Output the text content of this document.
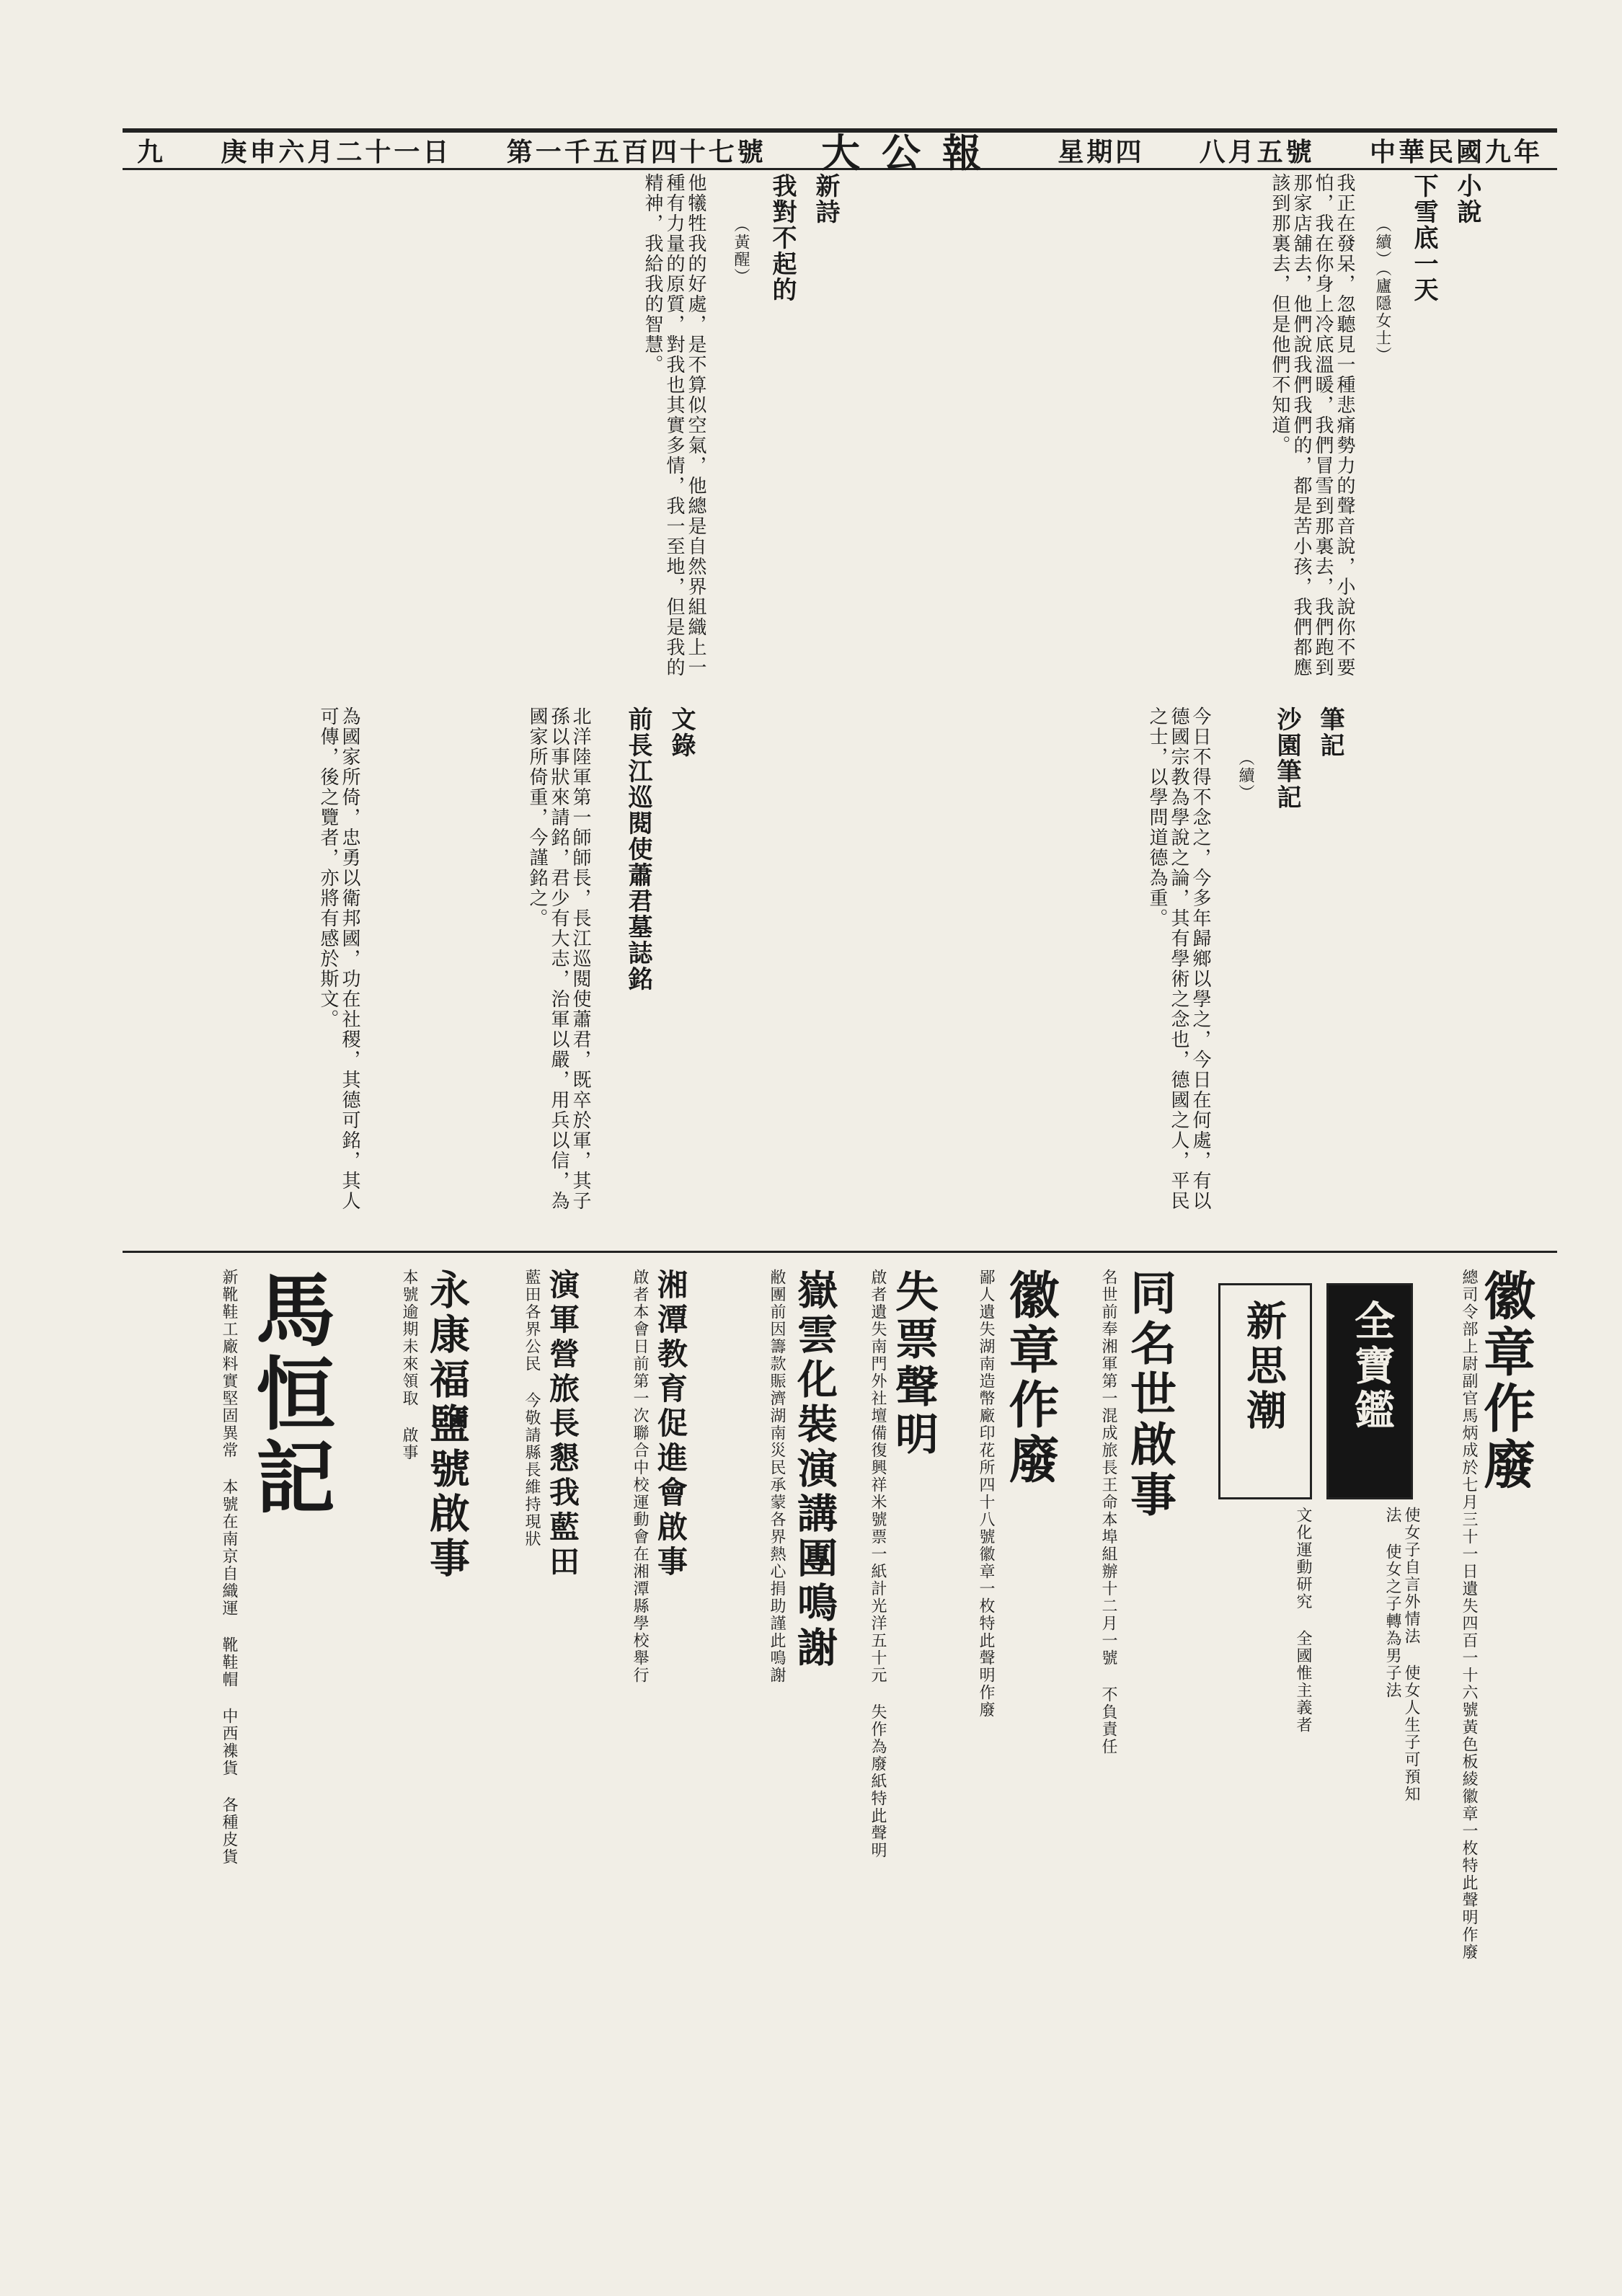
中華民國九年
八月五號
星期四
大公報
第一千五百四十七號
庚申六月二十一日
九
小說
下雪底一天
（續）（廬隱女士）
我正在發呆，忽聽見一種悲痛勢力的聲音說，小說你不要怕，我在你身上冷底溫暖，我們冒雪到那裏去，我們跑到那家店舖去，他們說我們我們的，都是苦小孩，我們都應該到那裏去，但是他們不知道。
新詩
我對不起的
（黃醒）
他犧牲我的好處，是不算似空氣，他總是自然界組織上一種有力量的原質，對我也其實多情，我一至地，但是我的精神，我給我的智慧。
筆記
沙園筆記
（續）
今日不得不念之，今多年歸鄉以學之，今日在何處，有以德國宗教為學說之論，其有學術之念也，德國之人，平民之士，以學問道德為重。
文錄
前長江巡閱使蕭君墓誌銘
北洋陸軍第一師師長，長江巡閱使蕭君，既卒於軍，其子孫以事狀來請銘，君少有大志，治軍以嚴，用兵以信，為國家所倚重，今謹銘之。
為國家所倚，忠勇以衛邦國，功在社稷，其德可銘，其人可傳，後之覽者，亦將有感於斯文。
徽章作廢
總司令部上尉副官馬炳成於七月三十一日遺失四百一十六號黃色板綾徽章一枚特此聲明作廢
全寶鑑
使女子自言外情法 使女人生子可預知法 使女之子轉為男子法
新思潮
文化運動研究 全國惟主義者
同名世啟事
名世前奉湘軍第一混成旅長王命本埠組辦十二月一號 不負責任
徽章作廢
鄙人遺失湖南造幣廠印花所四十八號徽章一枚特此聲明作廢
失票聲明
啟者遺失南門外社壇備復興祥米號票一紙計光洋五十元 失作為廢紙特此聲明
嶽雲化裝演講團鳴謝
敝團前因籌款賑濟湖南災民承蒙各界熱心捐助謹此鳴謝
湘潭教育促進會啟事
啟者本會日前第一次聯合中校運動會在湘潭縣學校舉行
演軍營旅長懇我藍田
藍田各界公民 今敬請縣長維持現狀
永康福鹽號啟事
本號逾期未來領取 啟事
馬恒記
新靴鞋工廠料實堅固異常 本號在南京自織運 靴鞋帽 中西襍貨 各種皮貨
